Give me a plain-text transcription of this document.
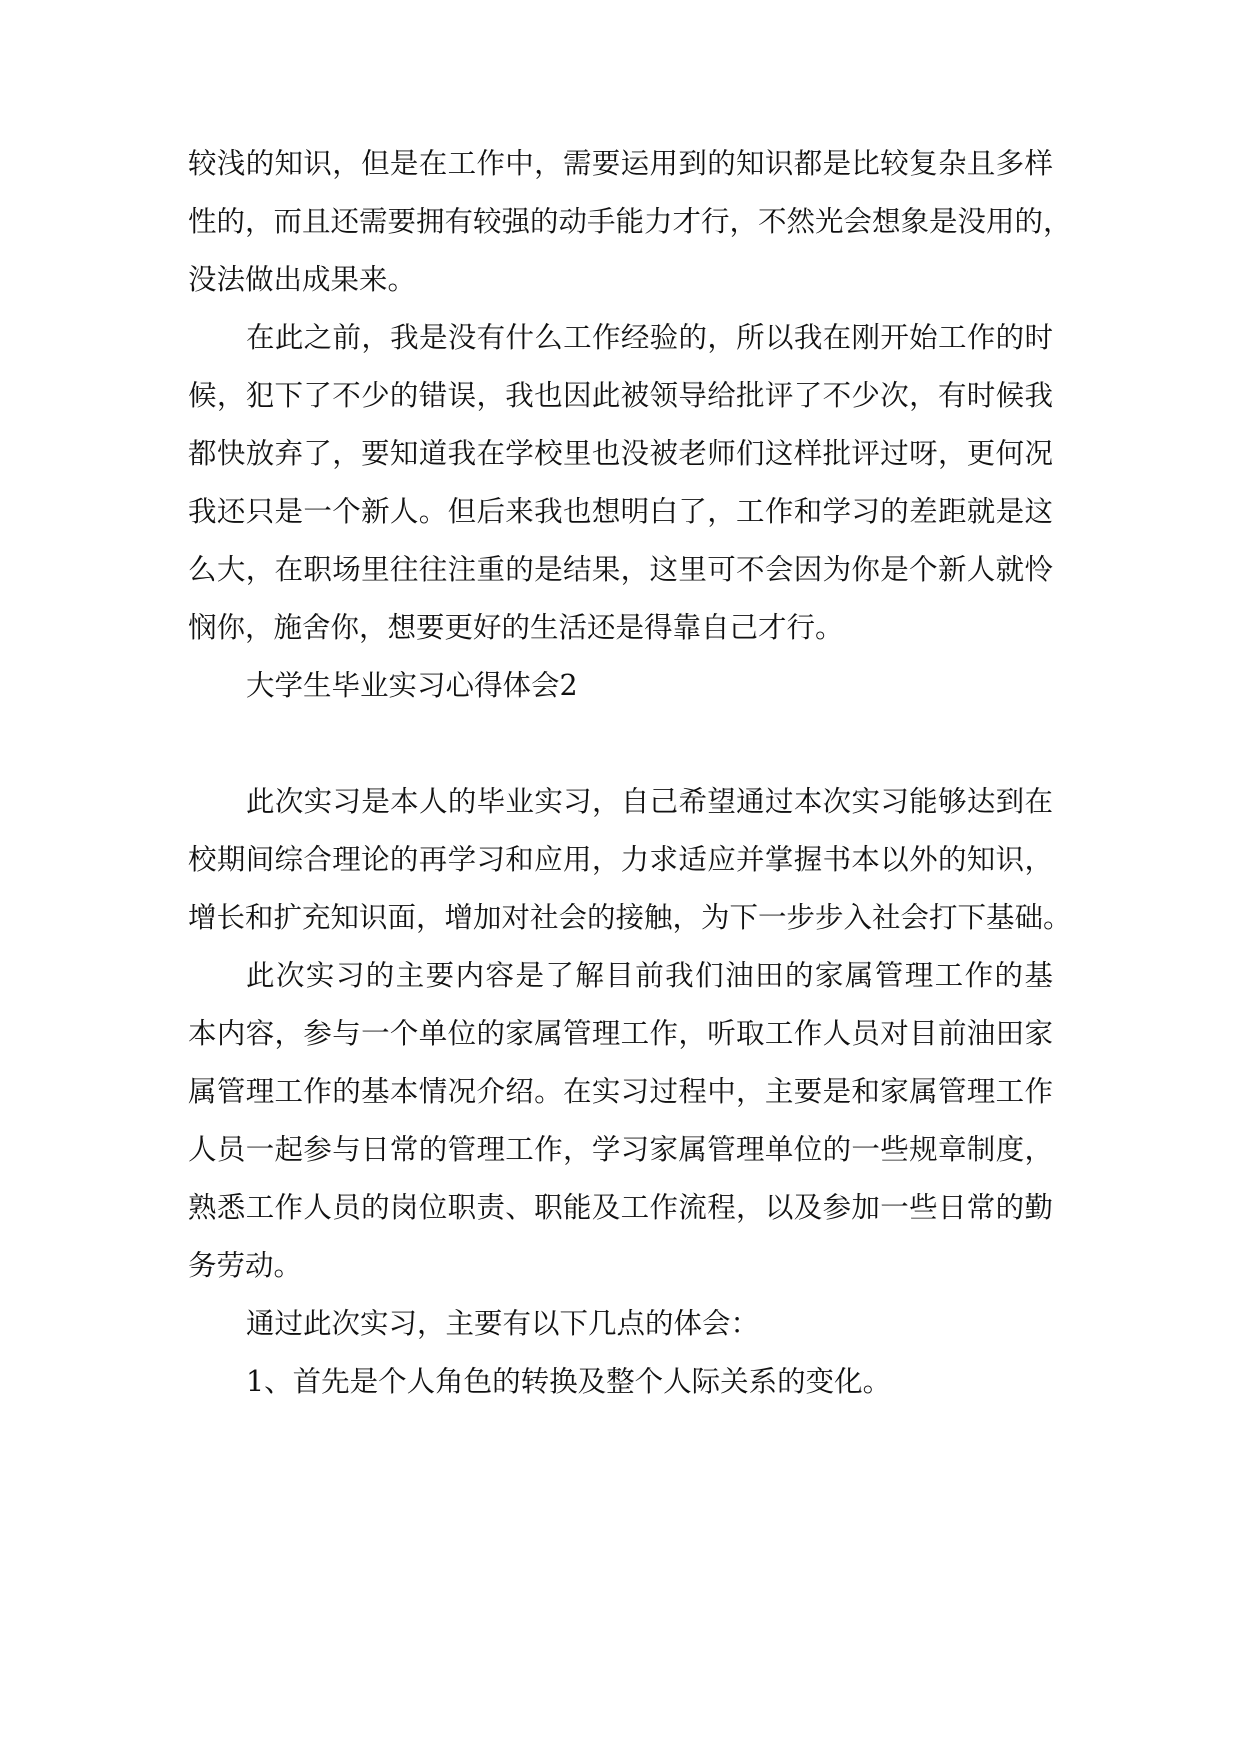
较浅的知识，但是在工作中，需要运用到的知识都是比较复杂且多样
性的，而且还需要拥有较强的动手能力才行，不然光会想象是没用的，
没法做出成果来。
在此之前，我是没有什么工作经验的，所以我在刚开始工作的时
候，犯下了不少的错误，我也因此被领导给批评了不少次，有时候我
都快放弃了，要知道我在学校里也没被老师们这样批评过呀，更何况
我还只是一个新人。但后来我也想明白了，工作和学习的差距就是这
么大，在职场里往往注重的是结果，这里可不会因为你是个新人就怜
悯你，施舍你，想要更好的生活还是得靠自己才行。
大学生毕业实习心得体会2
此次实习是本人的毕业实习，自己希望通过本次实习能够达到在
校期间综合理论的再学习和应用，力求适应并掌握书本以外的知识，
增长和扩充知识面，增加对社会的接触，为下一步步入社会打下基础。
此次实习的主要内容是了解目前我们油田的家属管理工作的基
本内容，参与一个单位的家属管理工作，听取工作人员对目前油田家
属管理工作的基本情况介绍。在实习过程中，主要是和家属管理工作
人员一起参与日常的管理工作，学习家属管理单位的一些规章制度，
熟悉工作人员的岗位职责、职能及工作流程，以及参加一些日常的勤
务劳动。
通过此次实习，主要有以下几点的体会：
1、首先是个人角色的转换及整个人际关系的变化。
